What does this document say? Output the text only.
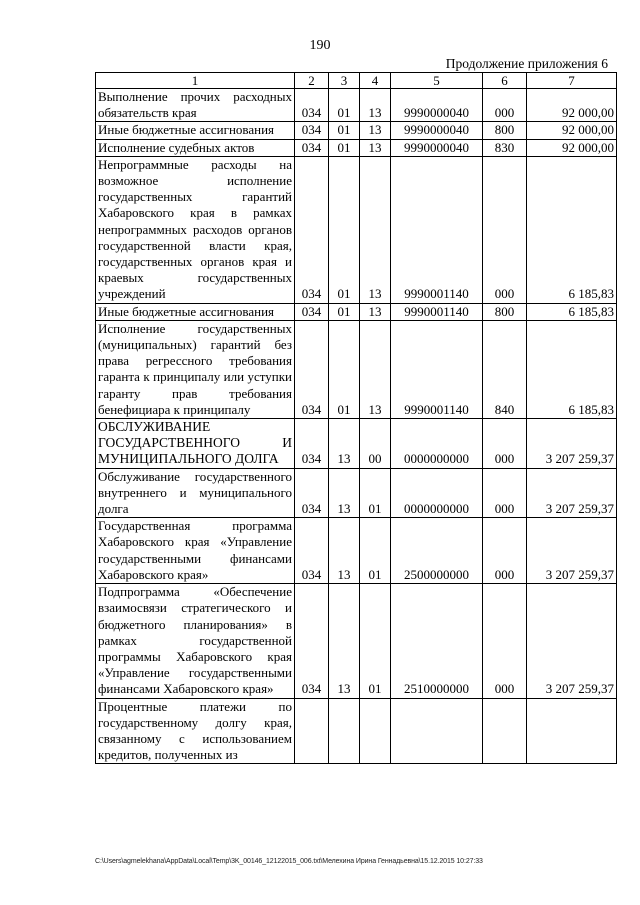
190
Продолжение приложения 6
1	2	3	4	5	6	7
Выполнение прочих расходных обязательств края	034	01	13	9990000040	000	92 000,00
Иные бюджетные ассигнования	034	01	13	9990000040	800	92 000,00
Исполнение судебных актов	034	01	13	9990000040	830	92 000,00
Непрограммные расходы на возможное исполнение государственных гарантий Хабаровского края в рамках непрограммных расходов органов государственной власти края, государственных органов края и краевых государственных учреждений	034	01	13	9990001140	000	6 185,83
Иные бюджетные ассигнования	034	01	13	9990001140	800	6 185,83
Исполнение государственных (муниципальных) гарантий без права регрессного требования гаранта к принципалу или уступки гаранту прав требования бенефициара к принципалу	034	01	13	9990001140	840	6 185,83
ОБСЛУЖИВАНИЕ ГОСУДАРСТВЕННОГО И МУНИЦИПАЛЬНОГО ДОЛГА	034	13	00	0000000000	000	3 207 259,37
Обслуживание государственного внутреннего и муниципального долга	034	13	01	0000000000	000	3 207 259,37
Государственная программа Хабаровского края «Управление государственными финансами Хабаровского края»	034	13	01	2500000000	000	3 207 259,37
Подпрограмма «Обеспечение взаимосвязи стратегического и бюджетного планирования» в рамках государственной программы Хабаровского края «Управление государственными финансами Хабаровского края»	034	13	01	2510000000	000	3 207 259,37
Процентные платежи по государственному долгу края, связанному с использованием кредитов, полученных из						
C:\Users\agmelekhana\AppData\Local\Temp\3K_00146_12122015_006.txt\Мелехина Ирина Геннадьевна\15.12.2015 10:27:33
